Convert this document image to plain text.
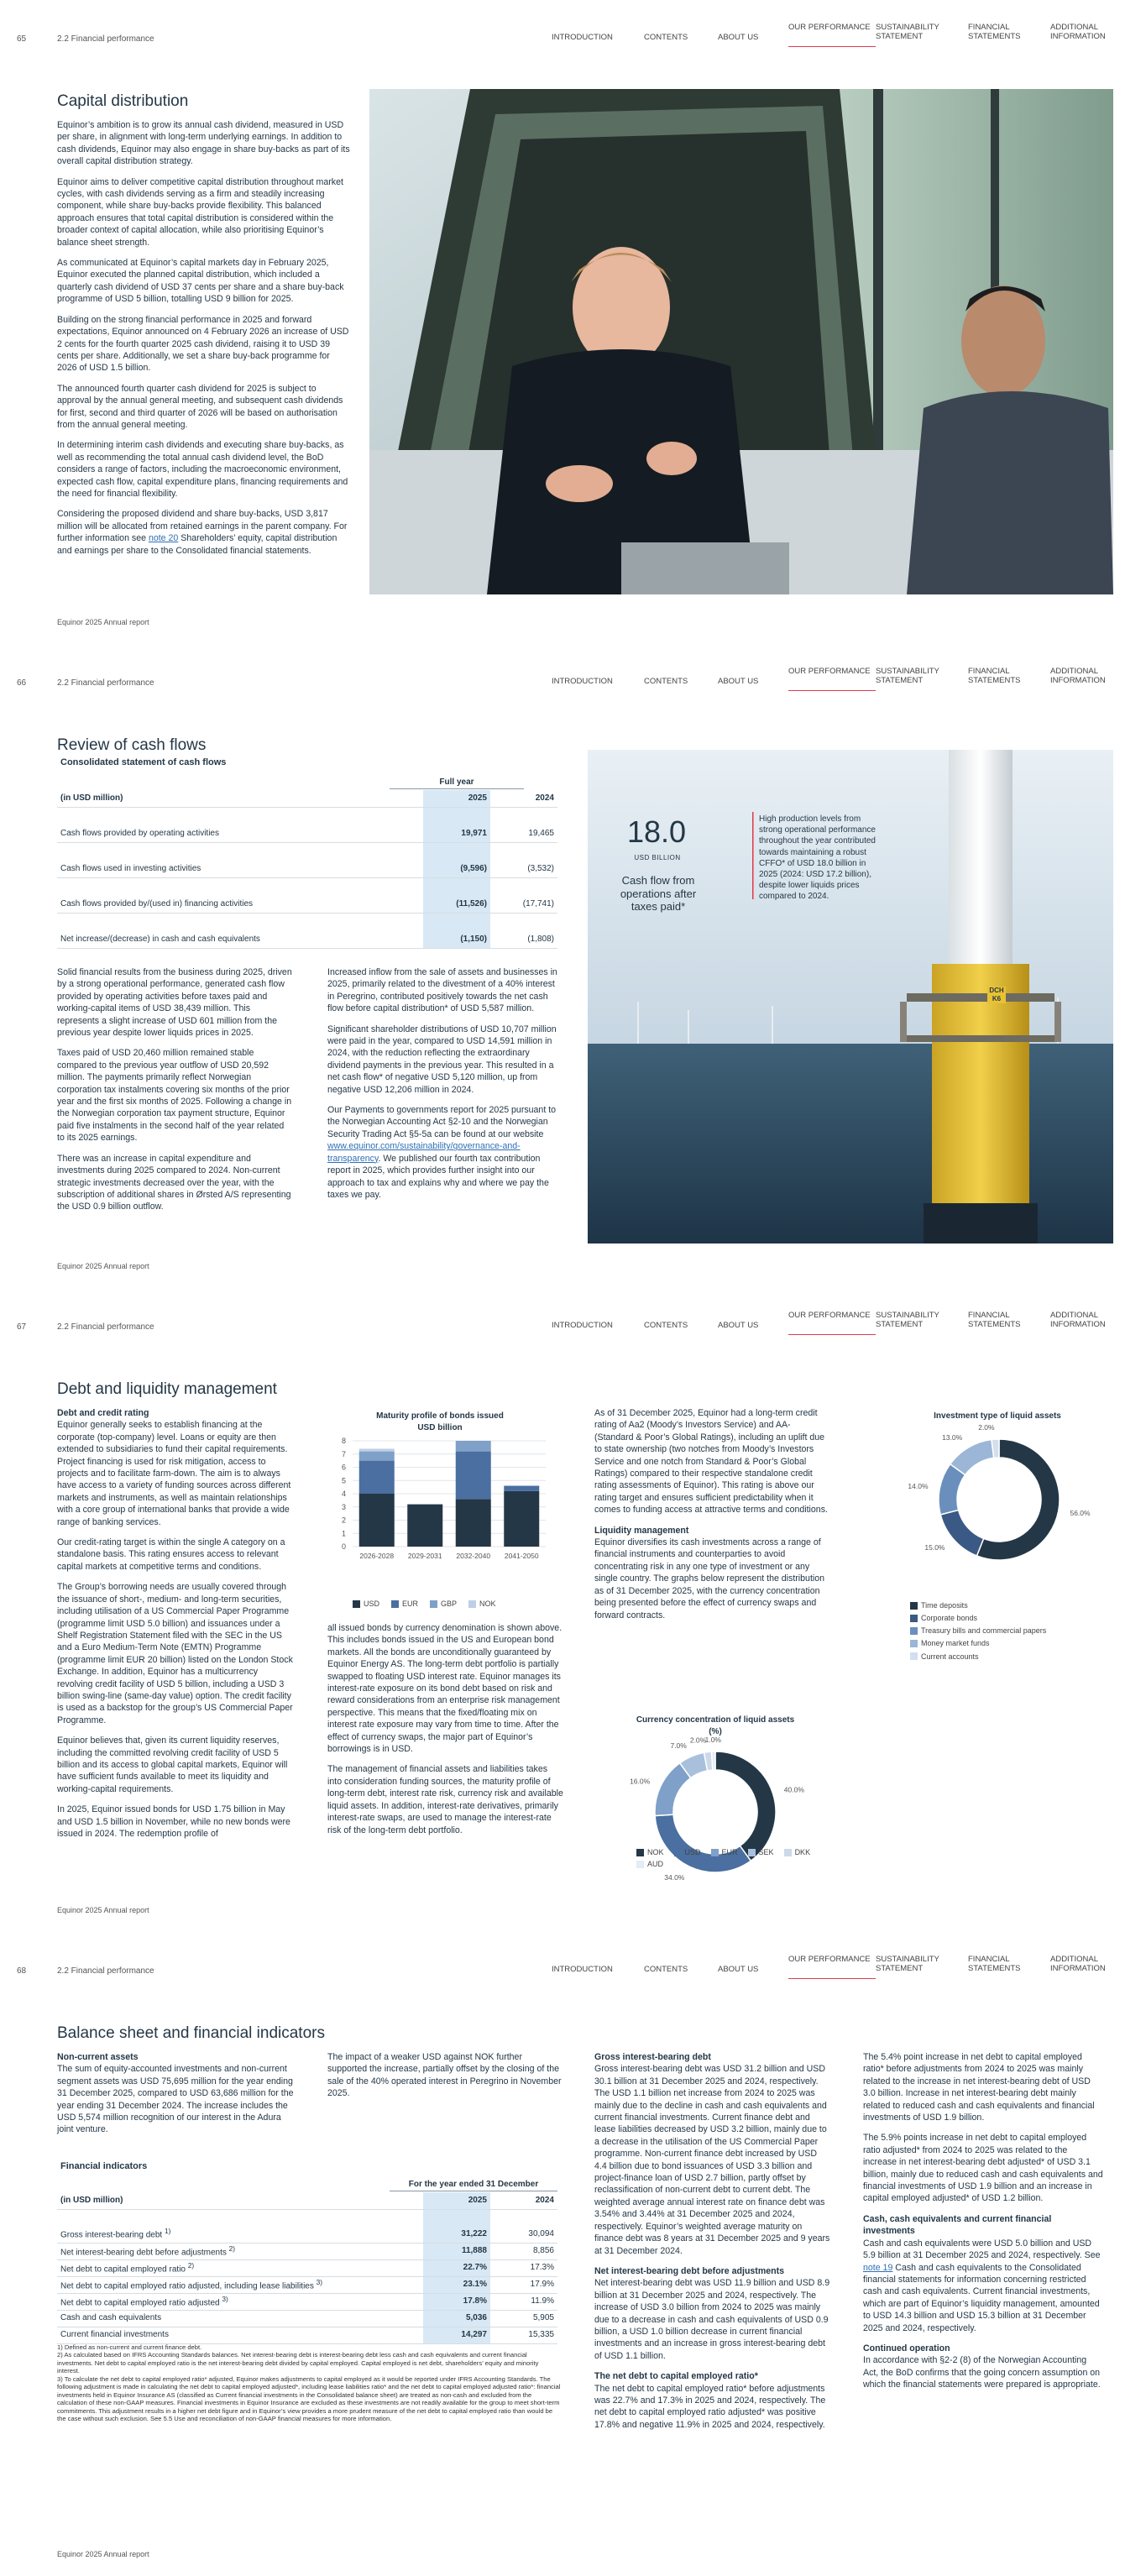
65	2.2 Financial performance	INTRODUCTION	CONTENTS	ABOUT US
OUR PERFORMANCE SUSTAINABILITY STATEMENT
FINANCIAL STATEMENTS
ADDITIONAL INFORMATION
Capital distribution

Equinor’s ambition is to grow its annual cash dividend, measured in USD per share, in alignment with long-term underlying earnings. In addition to cash dividends, Equinor may also engage in share buy-backs as part of its overall capital distribution strategy.

Equinor aims to deliver competitive capital distribution throughout market cycles, with cash dividends serving as a firm and steadily increasing component, while share buy-backs provide flexibility. This balanced approach ensures that total capital distribution is considered within the broader context of capital allocation, while also prioritising Equinor’s balance sheet strength.

As communicated at Equinor’s capital markets day in February 2025, Equinor executed the planned capital distribution, which included a quarterly cash dividend of USD 37 cents per share and a share buy-back programme of USD 5 billion, totalling USD 9 billion for 2025.

Building on the strong financial performance in 2025 and forward expectations, Equinor announced on 4 February 2026 an increase of USD 2 cents for the fourth quarter 2025 cash dividend, raising it to USD 39 cents per share. Additionally, we set a share buy-back programme for 2026 of USD 1.5 billion.

The announced fourth quarter cash dividend for 2025 is subject to approval by the annual general meeting, and subsequent cash dividends for first, second and third quarter of 2026 will be based on authorisation from the annual general meeting.

In determining interim cash dividends and executing share buy-backs, as well as recommending the total annual cash dividend level, the BoD considers a range of factors, including the macroeconomic environment, expected cash flow, capital expenditure plans, financing requirements and the need for financial flexibility.

Considering the proposed dividend and share buy-backs, USD 3,817 million will be allocated from retained earnings in the parent company. For further information see note 20 Shareholders’ equity, capital distribution and earnings per share to the Consolidated financial statements.

Equinor 2025 Annual report
66	2.2 Financial performance	INTRODUCTION	CONTENTS	ABOUT US
OUR PERFORMANCE SUSTAINABILITY STATEMENT
FINANCIAL STATEMENTS
ADDITIONAL INFORMATION
Review of cash flows
Consolidated statement of cash flows
Full year
(in USD million)	2025	2024

Cash flows provided by operating activities	19,971	19,465

Cash flows used in investing activities	(9,596)	(3,532)

Cash flows provided by/(used in) financing activities	(11,526)	(17,741)

Net increase/(decrease) in cash and cash equivalents	(1,150)	(1,808)

Solid financial results from the business during 2025, driven by a strong operational performance, generated cash flow provided by operating activities before taxes paid and working-capital items of USD 38,439 million. This represents a slight increase of USD 601 million from the previous year despite lower liquids prices in 2025.

Taxes paid of USD 20,460 million remained stable compared to the previous year outflow of USD 20,592 million. The payments primarily reflect Norwegian corporation tax instalments covering six months of the prior year and the first six months of 2025. Following a change in the Norwegian corporation tax payment structure, Equinor paid five instalments in the second half of the year related to its 2025 earnings.

There was an increase in capital expenditure and investments during 2025 compared to 2024. Non-current strategic investments decreased over the year, with the subscription of additional shares in Ørsted A/S representing the USD 0.9 billion outflow.

Increased inflow from the sale of assets and businesses in 2025, primarily related to the divestment of a 40% interest in Peregrino, contributed positively towards the net cash flow before capital distribution* of USD 5,587 million.

Significant shareholder distributions of USD 10,707 million were paid in the year, compared to USD 14,591 million in 2024, with the reduction reflecting the extraordinary dividend payments in the previous year. This resulted in a net cash flow* of negative USD 5,120 million, up from negative USD 12,206 million in 2024.

Our Payments to governments report for 2025 pursuant to the Norwegian Accounting Act §2-10 and the Norwegian Security Trading Act §5-5a can be found at our website www.equinor.com/sustainability/governance-and-transparency. We published our fourth tax contribution report in 2025, which provides further insight into our approach to tax and explains why and where we pay the taxes we pay.

18.0
DCH K6
USD BILLION
Cash flow from operations after taxes paid*
High production levels from strong operational performance throughout the year contributed towards maintaining a robust CFFO* of USD 18.0 billion in 2025 (2024: USD 17.2 billion), despite lower liquids prices compared to 2024.
Equinor 2025 Annual report
67	2.2 Financial performance	INTRODUCTION	CONTENTS	ABOUT US
OUR PERFORMANCE SUSTAINABILITY STATEMENT
FINANCIAL STATEMENTS
ADDITIONAL INFORMATION
Debt and liquidity management
Debt and credit rating

Equinor generally seeks to establish financing at the corporate (top-company) level. Loans or equity are then extended to subsidiaries to fund their capital requirements. Project financing is used for risk mitigation, access to projects and to facilitate farm-down. The aim is to always have access to a variety of funding sources across different markets and instruments, as well as maintain relationships with a core group of international banks that provide a wide range of banking services.

Our credit-rating target is within the single A category on a standalone basis. This rating ensures access to relevant capital markets at competitive terms and conditions.

The Group’s borrowing needs are usually covered through the issuance of short-, medium- and long-term securities, including utilisation of a US Commercial Paper Programme (programme limit USD 5.0 billion) and issuances under a Shelf Registration Statement filed with the SEC in the US and a Euro Medium-Term Note (EMTN) Programme (programme limit EUR 20 billion) listed on the London Stock Exchange. In addition, Equinor has a multicurrency revolving credit facility of USD 5 billion, including a USD 3 billion swing-line (same-day value) option. The credit facility is used as a backstop for the group’s US Commercial Paper Programme.

Equinor believes that, given its current liquidity reserves, including the committed revolving credit facility of USD 5 billion and its access to global capital markets, Equinor will have sufficient funds available to meet its liquidity and working-capital requirements.

In 2025, Equinor issued bonds for USD 1.75 billion in May and USD 1.5 billion in November, while no new bonds were issued in 2024. The redemption profile of

Maturity profile of bonds issued
USD billion
0
1
2
3
4
5
6
7
8
2026-2028 2029-2031 2032-2040 2041-2050
USD	EUR	GBP	NOK

all issued bonds by currency denomination is shown above. This includes bonds issued in the US and European bond markets. All the bonds are unconditionally guaranteed by Equinor Energy AS. The long-term debt portfolio is partially swapped to floating USD interest rate. Equinor manages its interest-rate exposure on its bond debt based on risk and reward considerations from an enterprise risk management perspective. This means that the fixed/floating mix on interest rate exposure may vary from time to time. After the effect of currency swaps, the major part of Equinor’s borrowings is in USD.

The management of financial assets and liabilities takes into consideration funding sources, the maturity profile of long-term debt, interest rate risk, currency risk and available liquid assets. In addition, interest-rate derivatives, primarily interest-rate swaps, are used to manage the interest-rate risk of the long-term debt portfolio.

As of 31 December 2025, Equinor had a long-term credit rating of Aa2 (Moody’s Investors Service) and AA- (Standard & Poor’s Global Ratings), including an uplift due to state ownership (two notches from Moody’s Investors Service and one notch from Standard & Poor’s Global Ratings) compared to their respective standalone credit rating assessments of Equinor). This rating is above our rating target and ensures sufficient predictability when it comes to funding access at attractive terms and conditions.

Liquidity management

Equinor diversifies its cash investments across a range of financial instruments and counterparties to avoid concentrating risk in any one type of investment or any single country. The graphs below represent the distribution as of 31 December 2025, with the currency concentration being presented before the effect of currency swaps and forward contracts.

Investment type of liquid assets
56.0%
15.0%
14.0%
13.0%
2.0%
Time deposits
Corporate bonds
Treasury bills and commercial papers
Money market funds
Current accounts
Currency concentration of liquid assets
(%)
40.0%
34.0%
16.0%
7.0%
2.0%
1.0%
NOK	USD	EUR	SEK	DKK
AUD
Equinor 2025 Annual report
68	2.2 Financial performance	INTRODUCTION	CONTENTS	ABOUT US
OUR PERFORMANCE SUSTAINABILITY STATEMENT
FINANCIAL STATEMENTS
ADDITIONAL INFORMATION
Balance sheet and financial indicators
Non-current assets

The sum of equity-accounted investments and non-current segment assets was USD 75,695 million for the year ending 31 December 2025, compared to USD 63,686 million for the year ending 31 December 2024. The increase includes the USD 5,574 million recognition of our interest in the Adura joint venture.

The impact of a weaker USD against NOK further supported the increase, partially offset by the closing of the sale of the 40% operated interest in Peregrino in November 2025.

Financial indicators
For the year ended 31 December
(in USD million)	2025	2024

Gross interest-bearing debt $^{1)}$	31,222	30,094
Net interest-bearing debt before adjustments $^{2)}$	11,888	8,856
Net debt to capital employed ratio $^{2)}$	22.7%	17.3%
Net debt to capital employed ratio adjusted, including lease liabilities $^{3)}$	23.1%	17.9%
Net debt to capital employed ratio adjusted $^{3)}$	17.8%	11.9%
Cash and cash equivalents	5,036	5,905
Current financial investments	14,297	15,335
1) Defined as non-current and current finance debt.
2) As calculated based on IFRS Accounting Standards balances. Net interest-bearing debt is interest-bearing debt less cash and cash equivalents and current financial investments. Net debt to capital employed ratio is the net interest-bearing debt divided by capital employed. Capital employed is net debt, shareholders’ equity and minority interest.
3) To calculate the net debt to capital employed ratio* adjusted, Equinor makes adjustments to capital employed as it would be reported under IFRS Accounting Standards. The following adjustment is made in calculating the net debt to capital employed adjusted*, including lease liabilities ratio* and the net debt to capital employed adjusted ratio*: financial investments held in Equinor Insurance AS (classified as Current financial investments in the Consolidated balance sheet) are treated as non-cash and excluded from the calculation of these non-GAAP measures. Financial investments in Equinor Insurance are excluded as these investments are not readily available for the group to meet short-term commitments. This adjustment results in a higher net debt figure and in Equinor’s view provides a more prudent measure of the net debt to capital employed ratio than would be the case without such exclusion. See 5.5 Use and reconciliation of non-GAAP financial measures for more information.
Gross interest-bearing debt

Gross interest-bearing debt was USD 31.2 billion and USD 30.1 billion at 31 December 2025 and 2024, respectively. The USD 1.1 billion net increase from 2024 to 2025 was mainly due to the decline in cash and cash equivalents and current financial investments. Current finance debt and lease liabilities decreased by USD 3.2 billion, mainly due to a decrease in the utilisation of the US Commercial Paper programme. Non-current finance debt increased by USD 4.4 billion due to bond issuances of USD 3.3 billion and project-finance loan of USD 2.7 billion, partly offset by reclassification of non-current debt to current debt. The weighted average annual interest rate on finance debt was 3.54% and 3.44% at 31 December 2025 and 2024, respectively. Equinor’s weighted average maturity on finance debt was 8 years at 31 December 2025 and 9 years at 31 December 2024.

Net interest-bearing debt before adjustments

Net interest-bearing debt was USD 11.9 billion and USD 8.9 billion at 31 December 2025 and 2024, respectively. The increase of USD 3.0 billion from 2024 to 2025 was mainly due to a decrease in cash and cash equivalents of USD 0.9 billion, a USD 1.0 billion decrease in current financial investments and an increase in gross interest-bearing debt of USD 1.1 billion.

The net debt to capital employed ratio*

The net debt to capital employed ratio* before adjustments was 22.7% and 17.3% in 2025 and 2024, respectively. The net debt to capital employed ratio adjusted* was positive 17.8% and negative 11.9% in 2025 and 2024, respectively.

The 5.4% point increase in net debt to capital employed ratio* before adjustments from 2024 to 2025 was mainly related to the increase in net interest-bearing debt of USD 3.0 billion. Increase in net interest-bearing debt mainly related to reduced cash and cash equivalents and financial investments of USD 1.9 billion.

The 5.9% points increase in net debt to capital employed ratio adjusted* from 2024 to 2025 was related to the increase in net interest-bearing debt adjusted* of USD 3.1 billion, mainly due to reduced cash and cash equivalents and financial investments of USD 1.9 billion and an increase in capital employed adjusted* of USD 1.2 billion.

Cash, cash equivalents and current financial investments

Cash and cash equivalents were USD 5.0 billion and USD 5.9 billion at 31 December 2025 and 2024, respectively. See note 19 Cash and cash equivalents to the Consolidated financial statements for information concerning restricted cash and cash equivalents. Current financial investments, which are part of Equinor’s liquidity management, amounted to USD 14.3 billion and USD 15.3 billion at 31 December 2025 and 2024, respectively.

Continued operation

In accordance with §2-2 (8) of the Norwegian Accounting Act, the BoD confirms that the going concern assumption on which the financial statements were prepared is appropriate.

Equinor 2025 Annual report
